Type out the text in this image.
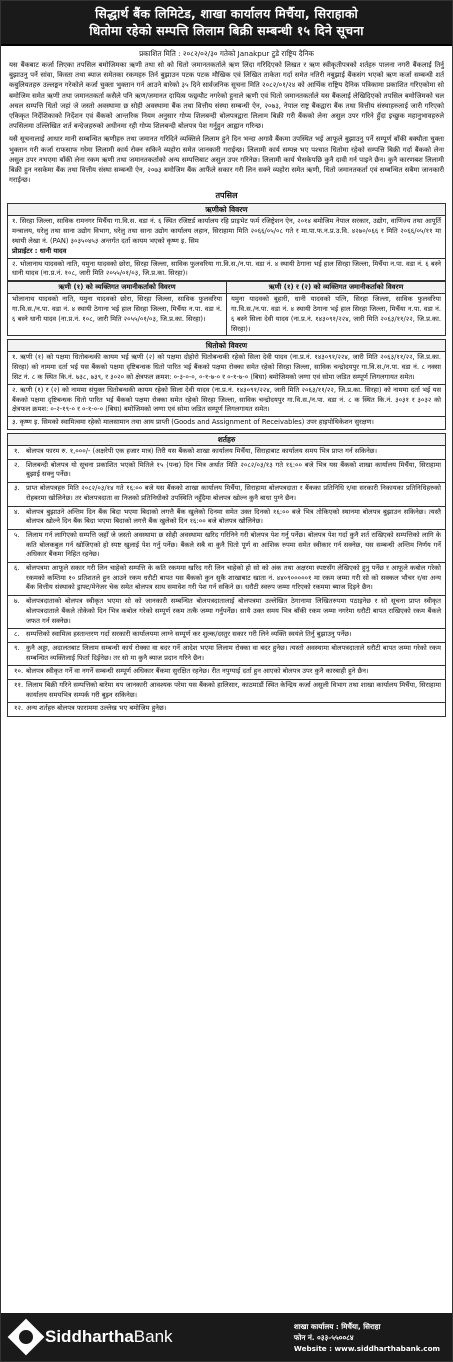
सिद्धार्थ बैंक लिमिटेड, शाखा कार्यालय मिर्चैया, सिराहाको
धितोमा रहेको सम्पत्ति लिलाम बिक्री सम्बन्धी १५ दिने सूचना
प्रकाशित मिति : २०८२/०२/३० गतेको Janakpur टुडे राष्ट्रिय दैनिक

यस बैंकबाट कर्जा लिएका तपसिल बमोजिमका ऋणी तथा सो को धितो जमानतकर्ताले ऋण लिंदा गरिदिएको लिखत र ऋण स्वीकृतीपत्रको शर्तहरु पालना नगरी बैंकलाई तिर्नु बुझाउनु पर्ने सांवा, किस्ता तथा ब्याज समेतका रकमहरु तिर्न बुझाउन पटक पटक मौखिक एवं लिखित ताकेता गर्दा समेत नतिरी नबुझाई बैंकसंग भएको ऋण कर्जा सम्बन्धी शर्त कबुलियतहरु उल्लङ्घन गरेकोले कर्जा चुक्ता भुक्तान गर्न आउने बारेको ३५ दिने सार्वजनिक सूचना मिति २०८२/०१/२४ को आर्थिक राष्ट्रिय दैनिक पत्रिकामा प्रकाशित गरिएकोमा सो बमोजिम समेत ऋणी तथा जमानतकर्ता कसैले पनि ऋण/जमानत दायित्व फछ्र्यौट नगरेको हुनाले ऋणी एवं धितो जमानतकर्ताले यस बैंकलाई लेखिदिएको तपसिल बमोजिमको चल अचल सम्पत्ति धितो जहां जे जस्तो अवस्थामा छ सोही अवस्थामा बैंक तथा वित्तीय संस्था सम्बन्धी ऐन, २०७३, नेपाल राष्ट्र बैंकद्वारा बैंक तथा वित्तीय संस्थाहरुलाई जारी गरिएको एकिकृत निर्देशिकाको निर्देशन एवं बैंकको आन्तरिक नियम अनुसार गोप्य शिलबन्दी बोलपत्रद्वारा लिलाम बिक्री गरी बैंकको लेना असुल उपर गरिने हुँदा इच्छुक महानुभावहरुले तपसिलमा उल्लिखित शर्त बन्देजहरुको अधीनमा रही गोप्य शिलबन्दी बोलपत्र पेश गर्नुहुन आह्वान गरिन्छ।

यसै सूचनालाई आधार मानी सम्बन्धित ऋणीहरु तथा जमानत गरिदिने व्यक्तिले लिलाम हुने दिन भन्दा अगावै बैंकमा उपस्थित भई आफूले बुझाउनु पर्ने सम्पूर्ण बाँकी बक्यौता चुक्ता भुक्तान गरी कर्जा राफसाफ गरेमा लिलामी कार्य रोक्न सकिने व्यहोरा समेत जानकारी गराईन्छ। लिलामी कार्य सम्पन्न भए पश्चात धितोमा रहेको सम्पत्ति बिक्री गर्दा बैंकको लेना असुल उपर नभएमा बाँकी लेना रकम ऋणी तथा जमानतकर्ताको अन्य सम्पत्तिबाट असुल उपर गरिनेछ। लिलामी कार्य भैसकेपछि कुनै दावी गर्न पाइने छैन। कुनै कारणबश लिलामी बिक्री हुन नसकेमा बैंक तथा वित्तीय संस्था सम्बन्धी ऐन, २०७३ बमोजिम बैंक आफैंले सकार गरी लिन सक्ने व्यहोरा समेत ऋणी, धितो जमानतकर्ता एवं सम्बन्धित सबैमा जानकारी गराईन्छ।

तपसिल
ऋणीको विवरण
१. सिरहा जिल्ला, साविक रामनगर मिर्चैया गा.वि.स. वडा नं. ६ स्थित रजिष्टर्ड कार्यालय रहि प्राइभेट फर्म रजिष्ट्रेशन ऐन, २०१४ बमोजिम नेपाल सरकार, उद्योग, वाणिज्य तथा आपूर्ति मन्त्रालय, घरेलु तथा साना उद्योग विभाग, घरेलु तथा साना उद्योग कार्यालय लहान, सिराहामा मिति २०६६/०५/०८ गते र मा.पा.फ.न.प्र.उ.वि. ४२७०/०६६ र मिति २०६६/०५/११ मा स्थायी लेखा नं. (PAN) ३०३५०४५३ अन्तर्गत दर्ता कायम भएको कृष्ण इ. सिम
प्रोप्राईटर : धानी यादव
२. भोलानाथ यादवको नाति, यमुना यादवको छोरा, सिरहा जिल्ला, साविक फुलवरिया गा.वि.स./न.पा. वडा नं. ४ स्थायी ठेगाना भई हाल सिरहा जिल्ला, मिर्चैया न.पा. वडा नं. ६ बस्ने धानी यादव (ना.प्र.नं. १०८, जारी मिति २०५५/०१/०३, जि.प्र.का. सिरहा)।
ऋणी (१) को व्यक्तिगत जमानीकर्ताको विवरण	ऋणी (१) र (२) को व्यक्तिगत जमानीकर्ताको विवरण
भोलानाथ यादवको नाति, यमुना यादवको छोरा, सिरहा जिल्ला, साविक फुलवरिया गा.वि.स./न.पा. वडा नं. ४ स्थायी ठेगाना भई हाल सिरहा जिल्ला, मिर्चैया न.पा. वडा नं. ६ बस्ने धानी यादव (ना.प्र.नं. १०८, जारी मिति २०५५/०१/०३, जि.प्र.का. सिरहा)।
यमुना यादवको बुहारी, धानी यादवको पत्नि, सिरहा जिल्ला, साविक फुलवरिया गा.वि.स./न.पा. वडा नं. ४ स्थायी ठेगाना भई हाल सिरहा जिल्ला, मिर्चैया न.पा. वडा नं. ६ बस्ने सिला देवी यादव (ना.प्र.नं. १४३०९१/२२४, जारी मिति २०६३/११/२२, जि.प्र.का. सिरहा)।
धितोको विवरण
१. ऋणी (१) को पक्षमा धितोबन्धकी कायम भई ऋणी (२) को पक्षमा दोहोरो धितोबन्धकी रहेको सिला देवी यादव (ना.प्र.नं. १४३०९१/२२४, जारी मिति २०६३/११/२२, जि.प्र.का. सिरहा) को नाममा दर्ता भई यस बैंकको पक्षमा दृष्टिबन्धक धितो पारित भई बैंकको पक्षमा रोक्का समेत रहेको सिरहा जिल्ला, साविक चन्द्रोदयपुर गा.वि.स./न.पा. वडा नं. ८ नक्सा सिट नं. ८ क स्थित कि.नं. ७३८, ७३९, र ३०२० को क्षेत्रफल क्रमश: ०-३-०-०, ०-१-७-० र ०-१-७-० (बिघा) बमोजिमको जग्गा एवं सोमा जडित सम्पूर्ण लिगलगायत समेत।
२. ऋणी (१) र (२) को नाममा संयुक्त धितोबन्धकी कायम रहेको सिला देवी यादव (ना.प्र.नं. १४३०९१/२२४, जारी मिति २०६३/११/२२, जि.प्र.का. सिरहा) को नाममा दर्ता भई यस बैंकको पक्षमा दृष्टिबन्धक धितो पारित भई बैंकको पक्षमा रोक्का समेत रहेको सिरहा जिल्ला, साविक चन्द्रोदयपुर गा.वि.स./न.पा. वडा नं. ८ क स्थित कि.नं. ३०३१ र ३०३२ को क्षेत्रफल क्रमश: ०-२-१९-० र ०-१-०-० (बिघा) बमोजिमको जग्गा एवं सोमा जडित सम्पूर्ण लिगलगायत समेत।
३. कृष्ण इ. सिमको स्वामित्वमा रहेको मालसामान तथा आय प्राप्ती (Goods and Assignment of Receivables) उपर हाइपोथिकेशन सुरक्षण।
शर्तहरु
१. बोलपत्र फारम रु. १,०००/- (अक्षरेपी एक हजार मात्र) तिरी यस बैंकको शाखा कार्यालय मिर्चैया, सिराहाबाट कार्यालय समय भित्र प्राप्त गर्न सकिनेछ।
२. शिलबन्दी बोलपत्र यो सूचना प्रकाशित भएको मितिले १५ (पन्ध्र) दिन भित्र अर्थात मिति २०८२/०३/१३ गते १६:०० बजे भित्र यस बैंकको शाखा कार्यालय मिर्चैया, सिराहामा बुझाई सक्नु पर्नेछ।
३. प्राप्त बोलपत्रहरु मिति २०८२/०३/१४ गते १६:०० बजे यस बैंकको शाखा कार्यालय मिर्चैया, सिराहामा बोलपत्रदाता र बैंकका प्रतिनिधि र/वा सरकारी निकायका प्रतिनिधिहरुको रोहबरमा खोलिनेछ। तर बोलपत्रदाता वा निजको प्रतिनिधीको उपस्थिति नहुँदैमा बोलपत्र खोल्न कुनै बाधा पुग्ने छैन।
४. बोलपत्र बुझाउने अन्तिम दिन बैंक बिदा भएमा बिदाको लगत्तै बैंक खुलेको दिनमा समेत उक्त दिनको १६:०० बजे भित्र तोकिएको स्थानमा बोलपत्र बुझाउन सकिनेछ। त्यस्तै बोलपत्र खोल्ने दिन बैंक बिदा भएमा बिदाको लगत्तै बैंक खुलेको दिन १६:०० बजे बोलपत्र खोलिनेछ।
५. लिलाम गर्न लागिएको सम्पत्ति जहाँ जे जस्तो अवस्थामा छ सोही अवस्थामा खरिद गरिनिने गरी बोलपत्र पेश गर्नु पर्नेछ। बोलपत्र पेश गर्दा कुनै शर्त राखिएको सम्पत्तिको लागि के कति बोलकबुल गर्न खोजिएको हो स्पष्ट खुलाई पेश गर्नु पर्नेछ। बैंकले सबै वा कुनै धितो पूर्ण वा आंशिक रुपमा समेत स्वीकार गर्न सक्नेछ, यस सम्बन्धी अन्तिम निर्णय गर्ने अधिकार बैंकमा निहित रहनेछ।
६. बोलपत्रमा आफूले सकार गरी लिन चाहेको सम्पत्ति के कति रकममा खरिद गरी लिन चाहेको हो सो को अंक तथा अक्षरमा स्पष्टसँग लेखिएको हुनु पर्नेछ र आफूले कबोल गरेको रकमको कम्तिमा १० प्रतिशतले हुन आउने रकम धरौटी बापत यस बैंकको कुन सुकै शाखाबाट खाता नं. ४४०९०००००१ मा रकम जम्मा गरी सो को सक्कल भौचर र/वा अन्य बैंक वित्तीय संस्थाको ड्राफ्ट/मेनेजर चेक समेत बोलपत्र साथ समावेश गरी पेश गर्न सकिने छ। धरौटी स्वरुप जम्मा गरिएको रकममा ब्याज दिइने छैन।
७. बोलपत्रदाताको बोलपत्र स्वीकृत भएमा सो को जानकारी सम्बन्धित बोलपत्रदातालाई बोलपत्रमा उल्लेखित ठेगानामा लिखितरुपमा पठाइनेछ र सो सूचना प्राप्त स्वीकृत बोलपत्रदाताले बैंकले तोकेको दिन भित्र कबोल गरेको सम्पूर्ण रकम तत्कै जम्मा गर्नुपर्नेछ। साथै उक्त समय भित्र बाँकी रकम जम्मा नगरेमा धरौटी बापत राखिएको रकम बैंकले जफत गर्न सक्नेछ।
८. सम्पत्तिको स्वामित्व हस्तान्तरण गर्दा सरकारी कार्यालयमा लाग्ने सम्पूर्ण कर शुल्क/दस्तुर सकार गरी लिने व्यक्ति स्वयंले तिर्नु बुझाउनु पर्नेछ।
९. कुनै अड्डा, अदालतबाट लिलाम सम्बन्धी कार्य रोक्का वा बदर गर्ने आदेश भएमा लिलाम रोक्का वा बदर हुनेछ। त्यस्तो अवस्थामा बोलपत्रदाताले धरौटी बापत जम्मा गरेको रकम सम्बन्धित व्यक्तिलाई फिर्ता दिईनेछ। तर सो मा कुनै ब्याज प्रदान गरिने छैन।
१०. बोलपत्र स्वीकृत गर्ने वा नगर्ने सम्बन्धी सम्पूर्ण अधिकार बैंकमा सुरक्षित रहनेछ। रीत नपुग्याई दर्ता हुन आएको बोलपत्र उपर कुनै कारबाही हुने छैन।
११. लिलाम बिक्री गरिने सम्पत्तिको बारेमा थप जानकारी आवश्यक परेमा यस बैंकको हालिसार, काठमाडौं स्थित केन्द्रिय कर्जा असुली विभाग तथा शाखा कार्यालय मिर्चैया, सिराहामा कार्यालय समयभित्र सम्पर्क गरी बुझ्न सकिनेछ।
१२. अन्य शर्तहरु बोलपत्र फाराममा उल्लेख भए बमोजिम हुनेछ।
SiddharthaBank
शाखा कार्यालय : मिर्चैया, सिराहा
फोन नं. ०३३-५५००८४
Website : www.siddharthabank.com
